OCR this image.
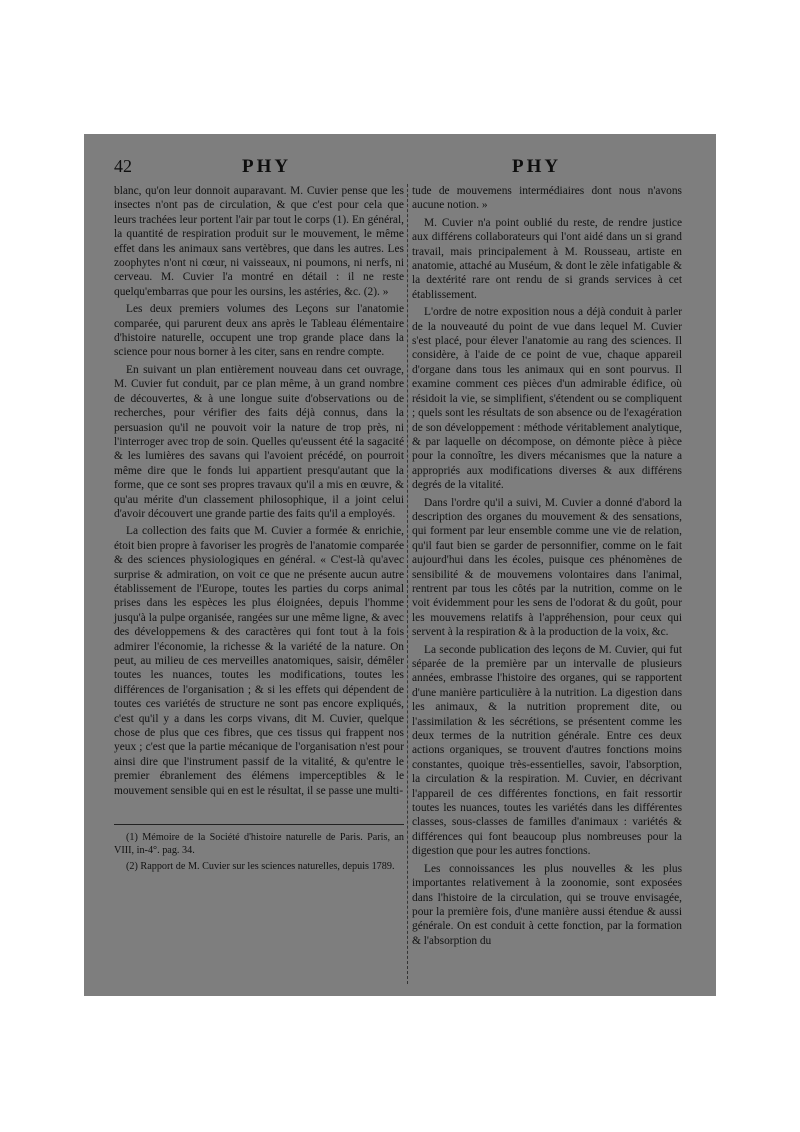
42	PHY	PHY

blanc, qu'on leur donnoit auparavant. M. Cuvier pense que les insectes n'ont pas de circulation, & que c'est pour cela que leurs trachées leur portent l'air par tout le corps (1). En général, la quantité de respiration produit sur le mouvement, le même effet dans les animaux sans vertèbres, que dans les autres. Les zoophytes n'ont ni cœur, ni vaisseaux, ni poumons, ni nerfs, ni cerveau. M. Cuvier l'a montré en détail : il ne reste quelqu'embarras que pour les oursins, les astéries, &c. (2). »

Les deux premiers volumes des Leçons sur l'anatomie comparée, qui parurent deux ans après le Tableau élémentaire d'histoire naturelle, occupent une trop grande place dans la science pour nous borner à les citer, sans en rendre compte.

En suivant un plan entièrement nouveau dans cet ouvrage, M. Cuvier fut conduit, par ce plan même, à un grand nombre de découvertes, & à une longue suite d'observations ou de recherches, pour vérifier des faits déjà connus, dans la persuasion qu'il ne pouvoit voir la nature de trop près, ni l'interroger avec trop de soin. Quelles qu'eussent été la sagacité & les lumières des savans qui l'avoient précédé, on pourroit même dire que le fonds lui appartient presqu'autant que la forme, que ce sont ses propres travaux qu'il a mis en œuvre, & qu'au mérite d'un classement philosophique, il a joint celui d'avoir découvert une grande partie des faits qu'il a employés.

La collection des faits que M. Cuvier a formée & enrichie, étoit bien propre à favoriser les progrès de l'anatomie comparée & des sciences physiologiques en général. « C'est-là qu'avec surprise & admiration, on voit ce que ne présente aucun autre établissement de l'Europe, toutes les parties du corps animal prises dans les espèces les plus éloignées, depuis l'homme jusqu'à la pulpe organisée, rangées sur une même ligne, & avec des développemens & des caractères qui font tout à la fois admirer l'économie, la richesse & la variété de la nature. On peut, au milieu de ces merveilles anatomiques, saisir, démêler toutes les nuances, toutes les modifications, toutes les différences de l'organisation ; & si les effets qui dépendent de toutes ces variétés de structure ne sont pas encore expliqués, c'est qu'il y a dans les corps vivans, dit M. Cuvier, quelque chose de plus que ces fibres, que ces tissus qui frappent nos yeux ; c'est que la partie mécanique de l'organisation n'est pour ainsi dire que l'instrument passif de la vitalité, & qu'entre le premier ébranlement des élémens imperceptibles & le mouvement sensible qui en est le résultat, il se passe une multi-

(1) Mémoire de la Société d'histoire naturelle de Paris. Paris, an VIII, in-4°. pag. 34.

(2) Rapport de M. Cuvier sur les sciences naturelles, depuis 1789.

tude de mouvemens intermédiaires dont nous n'avons aucune notion. »

M. Cuvier n'a point oublié du reste, de rendre justice aux différens collaborateurs qui l'ont aidé dans un si grand travail, mais principalement à M. Rousseau, artiste en anatomie, attaché au Muséum, & dont le zèle infatigable & la dextérité rare ont rendu de si grands services à cet établissement.

L'ordre de notre exposition nous a déjà conduit à parler de la nouveauté du point de vue dans lequel M. Cuvier s'est placé, pour élever l'anatomie au rang des sciences. Il considère, à l'aide de ce point de vue, chaque appareil d'organe dans tous les animaux qui en sont pourvus. Il examine comment ces pièces d'un admirable édifice, où résidoit la vie, se simplifient, s'étendent ou se compliquent ; quels sont les résultats de son absence ou de l'exagération de son développement : méthode véritablement analytique, & par laquelle on décompose, on démonte pièce à pièce pour la connoître, les divers mécanismes que la nature a appropriés aux modifications diverses & aux différens degrés de la vitalité.

Dans l'ordre qu'il a suivi, M. Cuvier a donné d'abord la description des organes du mouvement & des sensations, qui forment par leur ensemble comme une vie de relation, qu'il faut bien se garder de personnifier, comme on le fait aujourd'hui dans les écoles, puisque ces phénomènes de sensibilité & de mouvemens volontaires dans l'animal, rentrent par tous les côtés par la nutrition, comme on le voit évidemment pour les sens de l'odorat & du goût, pour les mouvemens relatifs à l'appréhension, pour ceux qui servent à la respiration & à la production de la voix, &c.

La seconde publication des leçons de M. Cuvier, qui fut séparée de la première par un intervalle de plusieurs années, embrasse l'histoire des organes, qui se rapportent d'une manière particulière à la nutrition. La digestion dans les animaux, & la nutrition proprement dite, ou l'assimilation & les sécrétions, se présentent comme les deux termes de la nutrition générale. Entre ces deux actions organiques, se trouvent d'autres fonctions moins constantes, quoique très-essentielles, savoir, l'absorption, la circulation & la respiration. M. Cuvier, en décrivant l'appareil de ces différentes fonctions, en fait ressortir toutes les nuances, toutes les variétés dans les différentes classes, sous-classes de familles d'animaux : variétés & différences qui font beaucoup plus nombreuses pour la digestion que pour les autres fonctions.

Les connoissances les plus nouvelles & les plus importantes relativement à la zoonomie, sont exposées dans l'histoire de la circulation, qui se trouve envisagée, pour la première fois, d'une manière aussi étendue & aussi générale. On est conduit à cette fonction, par la formation & l'absorption du
